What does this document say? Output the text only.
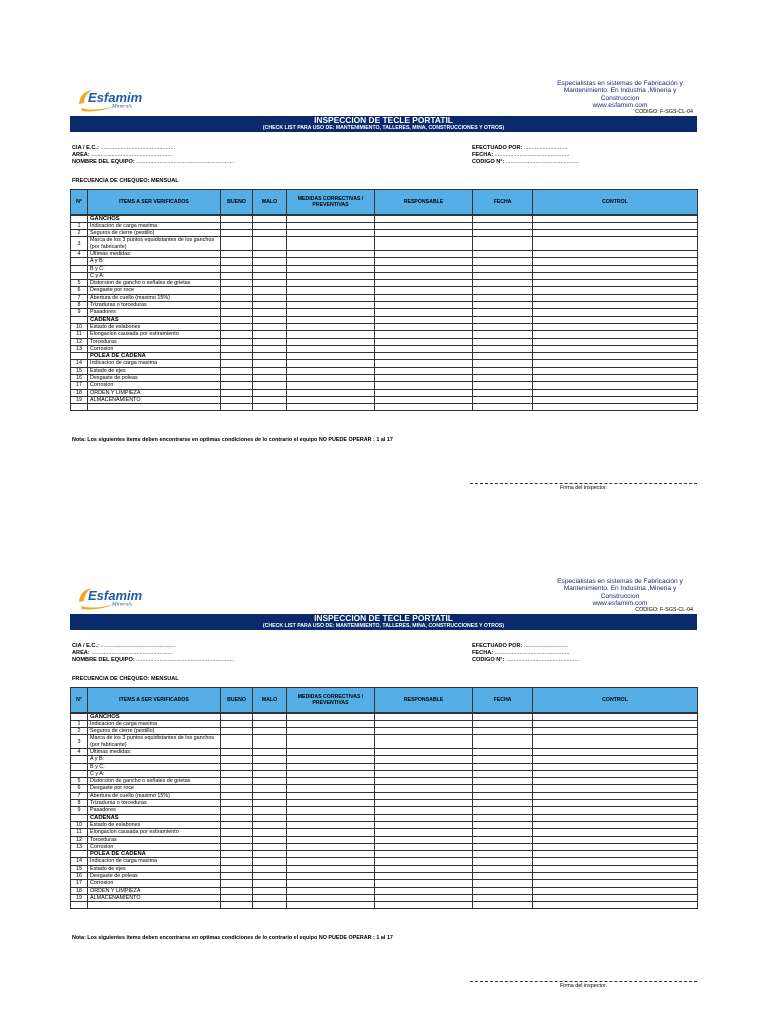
Esfamim
Minerals
Especialistas en sistemas de Fabricación y
Mantenimiento. En Industria ,Mineria y
Construccion
www.esfamim.com
CODIGO: F-SGS-CL-04
INSPECCION DE TECLE PORTATIL
(CHECK LIST PARA USO DE: MANTENIMIENTO, TALLERES, MINA, CONSTRUCCIONES Y OTROS)
CIA / E.C.: ................................................
AREA: ....................................................
NOMBRE DEL EQUIPO: ...............................................................
EFECTUADO POR: ............................
FECHA: ................................................
CODIGO N°: ...............................................
FRECUENCIA DE CHEQUEO: MENSUAL
N°	ITEMS A SER VERIFICADOS	BUENO	MALO	MEDIDAS CORRECTIVAS / PREVENTIVAS	RESPONSABLE	FECHA	CONTROL
	GANCHOS						
1	Indicacion de carga maxima						
2	Seguros de cierre (pestillo)						
3	Marca de los 3 puntos equidistantes de los ganchos (por fabricante)						
4	Ultimas medidas:						
	A y B:						
	B y C:						
	C y A:						
5	Distorsion de gancho o señales de grietas						
6	Desgaste por roce						
7	Abertura de cuello (maximo 15%)						
8	Trizaduras o torceduras						
9	Pasadores						
	CADENAS						
10	Estado de eslabones						
11	Elongacion causada por estiramiento						
12	Torceduras						
13	Corrosion						
	POLEA DE CADENA						
14	Indicacion de carga maxima						
15	Estado de ejes						
16	Desgaste de poleas						
17	Corrosion						
18	ORDEN Y LIMPIEZA						
19	ALMACENAMIENTO						

Nota: Los siguientes items deben encontrarse en optimas condiciones de lo contrario el equipo NO PUEDE OPERAR : 1 al 17
Firma del inspector.
Esfamim
Minerals
Especialistas en sistemas de Fabricación y
Mantenimiento. En Industria ,Mineria y
Construccion
www.esfamim.com
CODIGO: F-SGS-CL-04
INSPECCION DE TECLE PORTATIL
(CHECK LIST PARA USO DE: MANTENIMIENTO, TALLERES, MINA, CONSTRUCCIONES Y OTROS)
CIA / E.C.: ................................................
AREA: ....................................................
NOMBRE DEL EQUIPO: ...............................................................
EFECTUADO POR: ............................
FECHA: ................................................
CODIGO N°: ...............................................
FRECUENCIA DE CHEQUEO: MENSUAL
N°	ITEMS A SER VERIFICADOS	BUENO	MALO	MEDIDAS CORRECTIVAS / PREVENTIVAS	RESPONSABLE	FECHA	CONTROL
	GANCHOS						
1	Indicacion de carga maxima						
2	Seguros de cierre (pestillo)						
3	Marca de los 3 puntos equidistantes de los ganchos (por fabricante)						
4	Ultimas medidas:						
	A y B:						
	B y C:						
	C y A:						
5	Distorsion de gancho o señales de grietas						
6	Desgaste por roce						
7	Abertura de cuello (maximo 15%)						
8	Trizaduras o torceduras						
9	Pasadores						
	CADENAS						
10	Estado de eslabones						
11	Elongacion causada por estiramiento						
12	Torceduras						
13	Corrosion						
	POLEA DE CADENA						
14	Indicacion de carga maxima						
15	Estado de ejes						
16	Desgaste de poleas						
17	Corrosion						
18	ORDEN Y LIMPIEZA						
19	ALMACENAMIENTO						

Nota: Los siguientes items deben encontrarse en optimas condiciones de lo contrario el equipo NO PUEDE OPERAR : 1 al 17
Firma del inspector.
